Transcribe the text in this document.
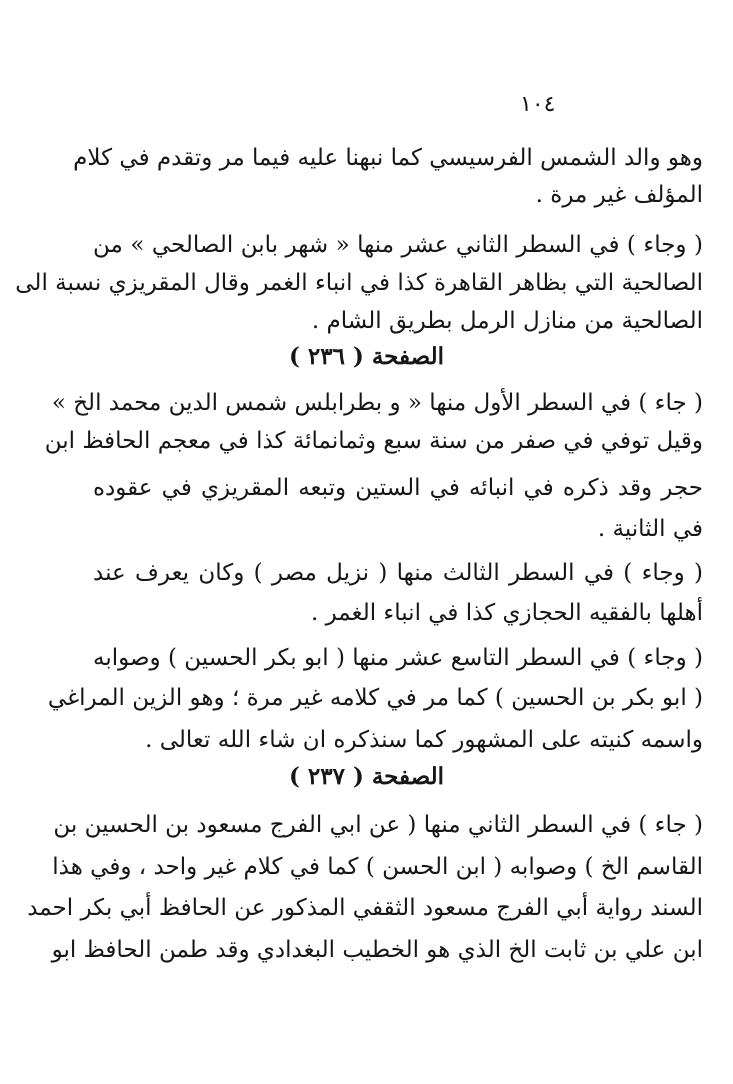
١٠٤
وهو والد الشمس الفرسيسي كما نبهنا عليه فيما مر وتقدم في كلام
المؤلف غير مرة .
( وجاء ) في السطر الثاني عشر منها « شهر بابن الصالحي » من
الصالحية التي بظاهر القاهرة كذا في انباء الغمر وقال المقريزي نسبة الى
الصالحية من منازل الرمل بطريق الشام .
الصفحة ( ٢٣٦ )
( جاء ) في السطر الأول منها « و بطرابلس شمس الدين محمد الخ »
وقيل توفي في صفر من سنة سبع وثمانمائة كذا في معجم الحافظ ابن
حجر وقد ذكره في انبائه في الستين وتبعه المقريزي في عقوده
في الثانية .
( وجاء ) في السطر الثالث منها ( نزيل مصر ) وكان يعرف عند
أهلها بالفقيه الحجازي كذا في انباء الغمر .
( وجاء ) في السطر التاسع عشر منها ( ابو بكر الحسين ) وصوابه
( ابو بكر بن الحسين ) كما مر في كلامه غير مرة ؛ وهو الزين المراغي
واسمه كنيته على المشهور كما سنذكره ان شاء الله تعالى .
الصفحة ( ٢٣٧ )
( جاء ) في السطر الثاني منها ( عن ابي الفرج مسعود بن الحسين بن
القاسم الخ ) وصوابه ( ابن الحسن ) كما في كلام غير واحد ، وفي هذا
السند رواية أبي الفرج مسعود الثقفي المذكور عن الحافظ أبي بكر احمد
ابن علي بن ثابت الخ الذي هو الخطيب البغدادي وقد طمن الحافظ ابو
